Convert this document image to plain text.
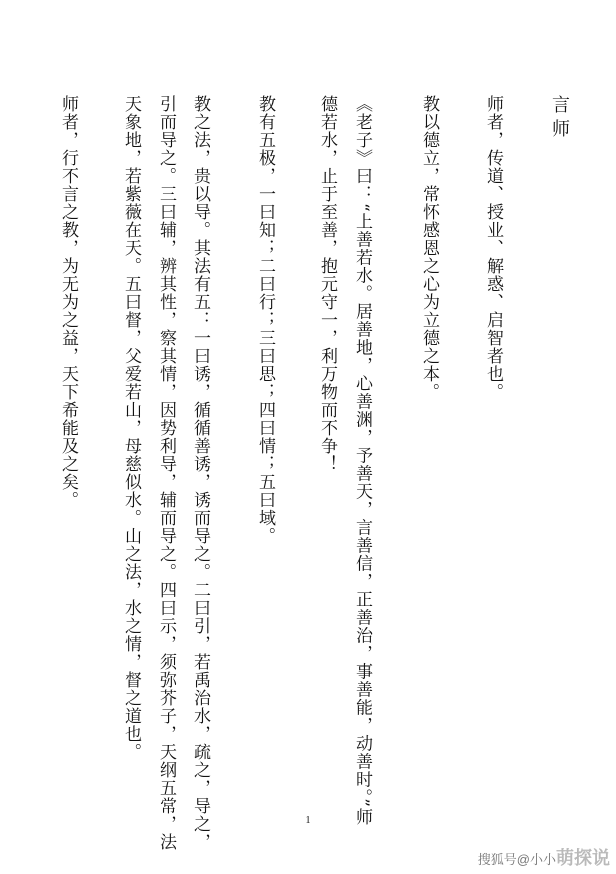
言师
师者，传道、授业、解惑、启智者也。
教以德立，常怀感恩之心为立德之本。
《老子》曰：“上善若水。居善地，心善渊，予善天，言善信，正善治，事善能，动善时。”师
德若水，止于至善，抱元守一，利万物而不争！
教有五极，一曰知；二曰行；三曰思；四曰情；五曰域。
教之法，贵以导。其法有五：一曰诱，循循善诱，诱而导之。二曰引，若禹治水，疏之，导之，
引而导之。三曰辅，辨其性，察其情，因势利导，辅而导之。四曰示，须弥芥子，天纲五常，法
天象地，若紫薇在天。五曰督，父爱若山，母慈似水。山之法，水之情，督之道也。
师者，行不言之教，为无为之益，天下希能及之矣。
1
搜狐号@小小萌探说
